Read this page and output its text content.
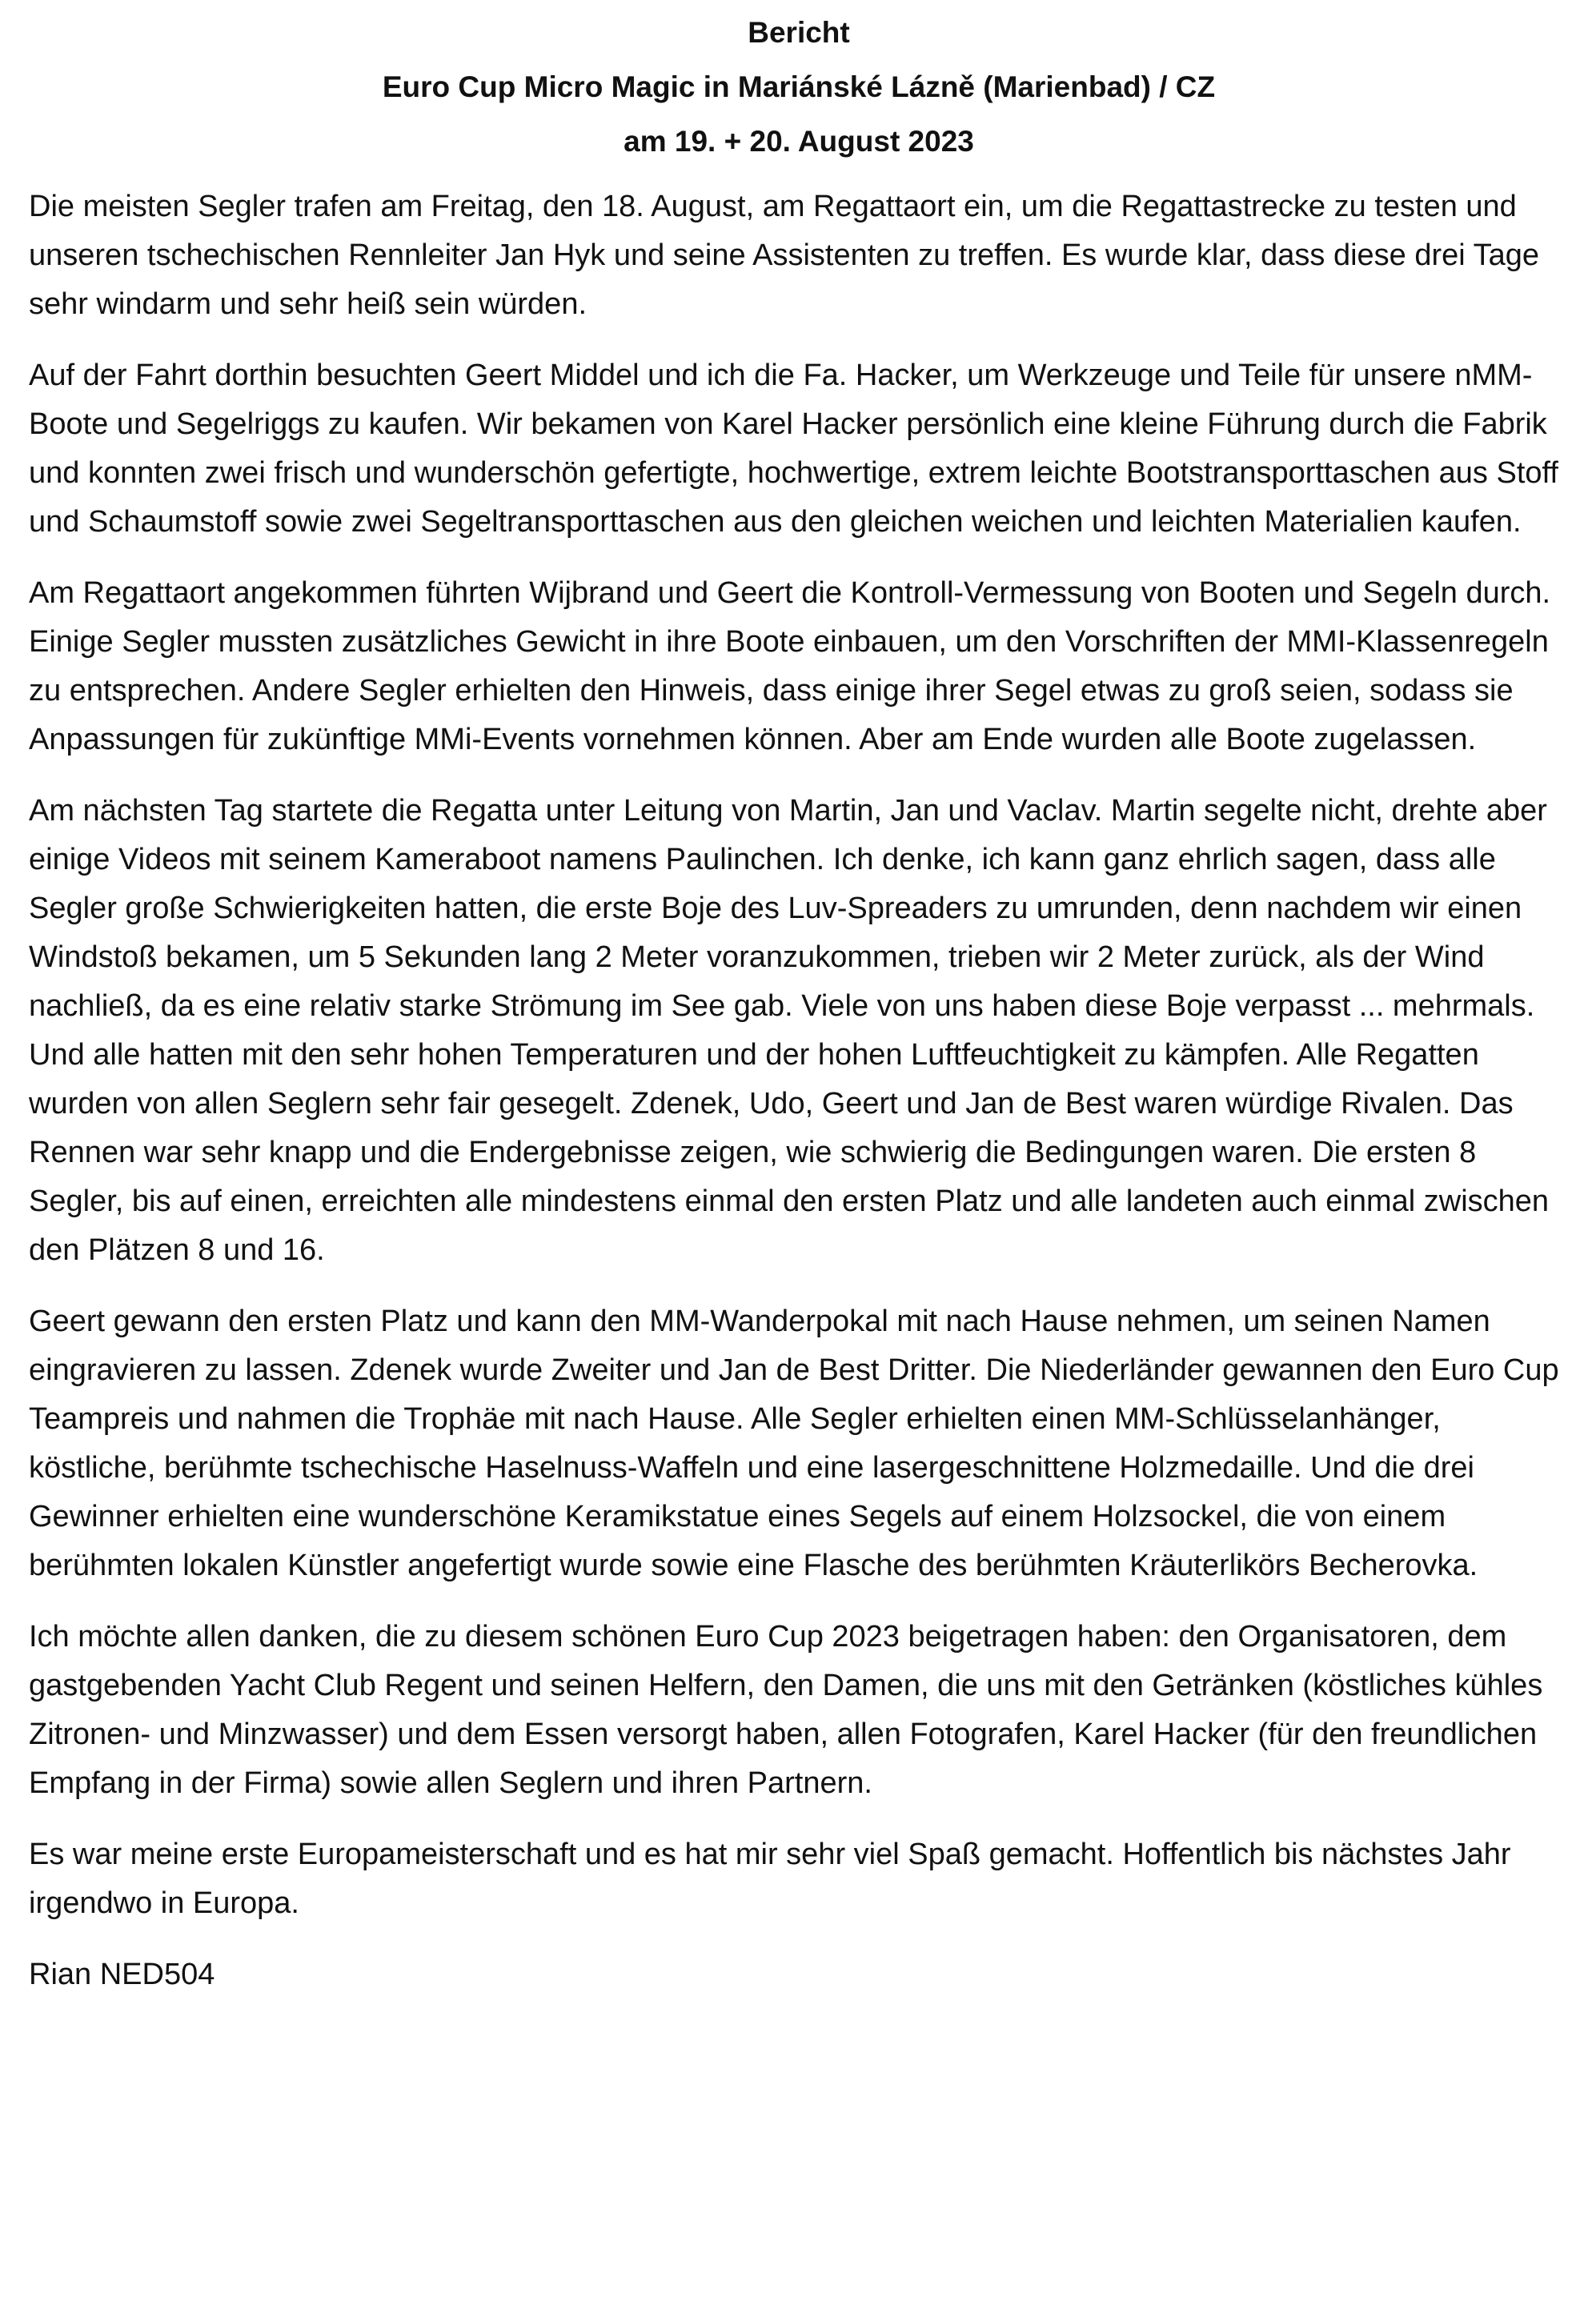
Bericht
Euro Cup Micro Magic in Mariánské Lázně (Marienbad) / CZ
am 19. + 20. August 2023

Die meisten Segler trafen am Freitag, den 18. August, am Regattaort ein, um die Regattastrecke zu testen und unseren tschechischen Rennleiter Jan Hyk und seine Assistenten zu treffen. Es wurde klar, dass diese drei Tage sehr windarm und sehr heiß sein würden.

Auf der Fahrt dorthin besuchten Geert Middel und ich die Fa. Hacker, um Werkzeuge und Teile für unsere nMM-Boote und Segelriggs zu kaufen. Wir bekamen von Karel Hacker persönlich eine kleine Führung durch die Fabrik und konnten zwei frisch und wunderschön gefertigte, hochwertige, extrem leichte Bootstransporttaschen aus Stoff und Schaumstoff sowie zwei Segeltransporttaschen aus den gleichen weichen und leichten Materialien kaufen.

Am Regattaort angekommen führten Wijbrand und Geert die Kontroll-Vermessung von Booten und Segeln durch. Einige Segler mussten zusätzliches Gewicht in ihre Boote einbauen, um den Vorschriften der MMI-Klassenregeln zu entsprechen. Andere Segler erhielten den Hinweis, dass einige ihrer Segel etwas zu groß seien, sodass sie Anpassungen für zukünftige MMi-Events vornehmen können. Aber am Ende wurden alle Boote zugelassen.

Am nächsten Tag startete die Regatta unter Leitung von Martin, Jan und Vaclav. Martin segelte nicht, drehte aber einige Videos mit seinem Kameraboot namens Paulinchen. Ich denke, ich kann ganz ehrlich sagen, dass alle Segler große Schwierigkeiten hatten, die erste Boje des Luv-Spreaders zu umrunden, denn nachdem wir einen Windstoß bekamen, um 5 Sekunden lang 2 Meter voranzukommen, trieben wir 2 Meter zurück, als der Wind nachließ, da es eine relativ starke Strömung im See gab. Viele von uns haben diese Boje verpasst ... mehrmals. Und alle hatten mit den sehr hohen Temperaturen und der hohen Luftfeuchtigkeit zu kämpfen. Alle Regatten wurden von allen Seglern sehr fair gesegelt. Zdenek, Udo, Geert und Jan de Best waren würdige Rivalen. Das Rennen war sehr knapp und die Endergebnisse zeigen, wie schwierig die Bedingungen waren. Die ersten 8 Segler, bis auf einen, erreichten alle mindestens einmal den ersten Platz und alle landeten auch einmal zwischen den Plätzen 8 und 16.

Geert gewann den ersten Platz und kann den MM-Wanderpokal mit nach Hause nehmen, um seinen Namen eingravieren zu lassen. Zdenek wurde Zweiter und Jan de Best Dritter. Die Niederländer gewannen den Euro Cup Teampreis und nahmen die Trophäe mit nach Hause. Alle Segler erhielten einen MM-Schlüsselanhänger, köstliche, berühmte tschechische Haselnuss-Waffeln und eine lasergeschnittene Holzmedaille. Und die drei Gewinner erhielten eine wunderschöne Keramikstatue eines Segels auf einem Holzsockel, die von einem berühmten lokalen Künstler angefertigt wurde sowie eine Flasche des berühmten Kräuterlikörs Becherovka.

Ich möchte allen danken, die zu diesem schönen Euro Cup 2023 beigetragen haben: den Organisatoren, dem gastgebenden Yacht Club Regent und seinen Helfern, den Damen, die uns mit den Getränken (köstliches kühles Zitronen- und Minzwasser) und dem Essen versorgt haben, allen Fotografen, Karel Hacker (für den freundlichen Empfang in der Firma) sowie allen Seglern und ihren Partnern.

Es war meine erste Europameisterschaft und es hat mir sehr viel Spaß gemacht. Hoffentlich bis nächstes Jahr irgendwo in Europa.

Rian NED504
